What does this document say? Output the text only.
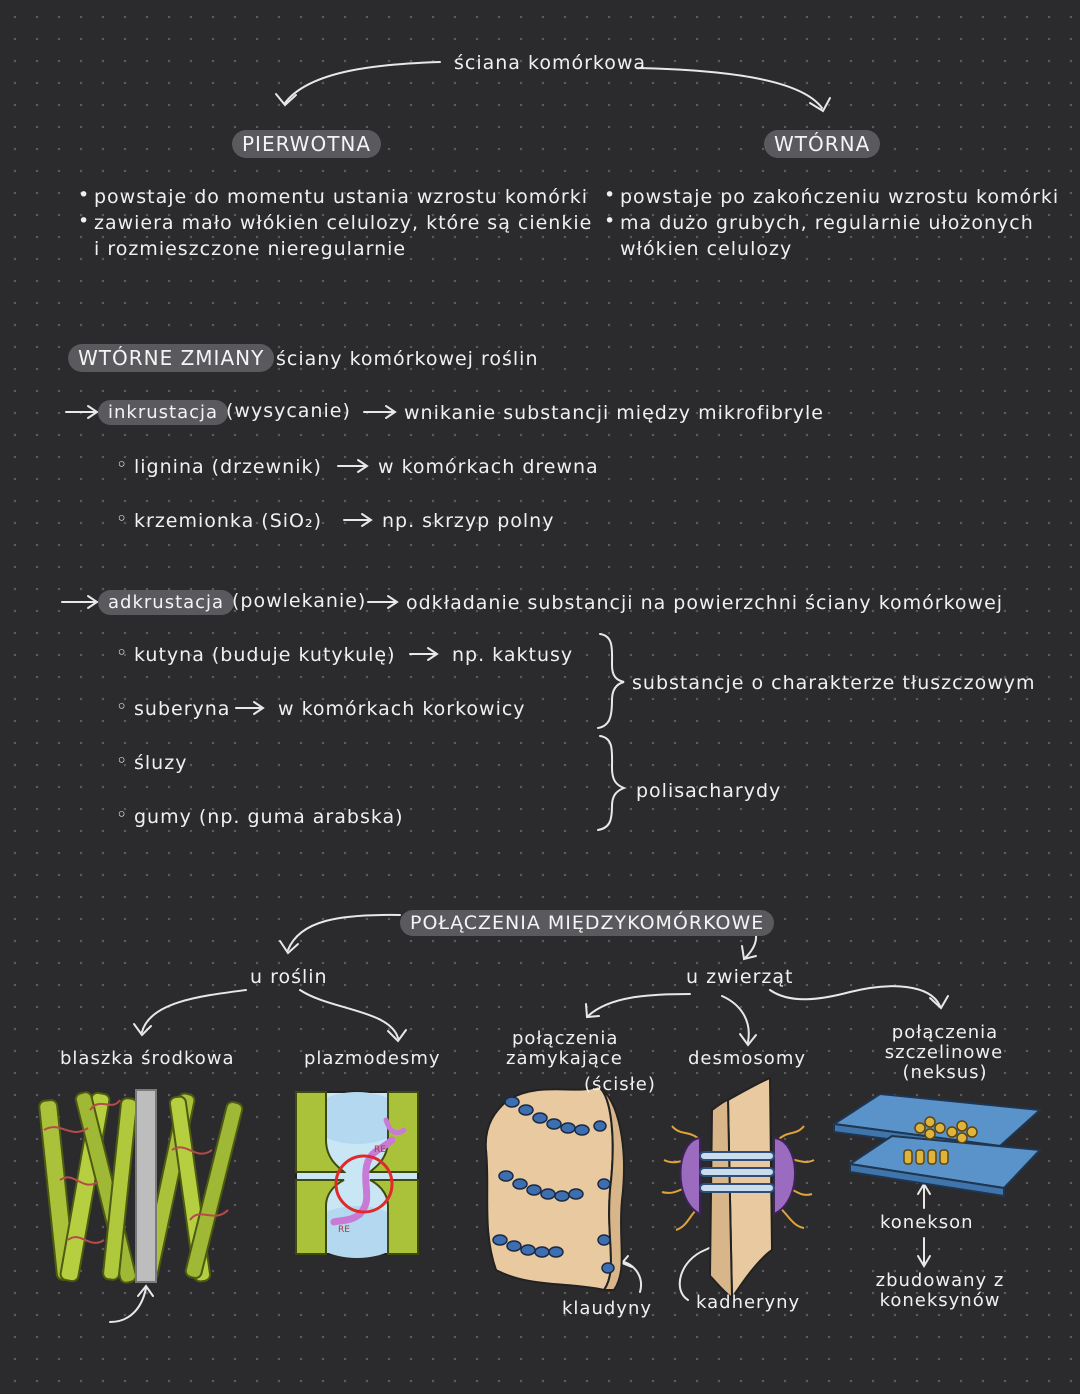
RE
RE
ściana komórkowa
PIERWOTNA	WTÓRNA
• powstaje do momentu ustania wzrostu komórki
• zawiera mało włókien celulozy, które są cienkie
i rozmieszczone nieregularnie
• powstaje po zakończeniu wzrostu komórki
• ma dużo grubych, regularnie ułożonych
włókien celulozy
WTÓRNE ZMIANY ściany komórkowej roślin
inkrustacja (wysycanie)	wnikanie substancji między mikrofibryle
◦ lignina (drzewnik)	w komórkach drewna
◦ krzemionka (SiO₂)	np. skrzyp polny
adkrustacja (powlekanie) odkładanie substancji na powierzchni ściany komórkowej
◦ kutyna (buduje kutykulę)	np. kaktusy
◦ suberyna	w komórkach korkowicy
◦ śluzy
◦ gumy (np. guma arabska)
substancje o charakterze tłuszczowym
polisacharydy
POŁĄCZENIA MIĘDZYKOMÓRKOWE
u roślin	u zwierząt
blaszka środkowa	plazmodesmy
połączenia
zamykające
(ścisłe)
desmosomy
połączenia
szczelinowe
(neksus)
klaudyny kadheryny
konekson
zbudowany z
koneksynów
